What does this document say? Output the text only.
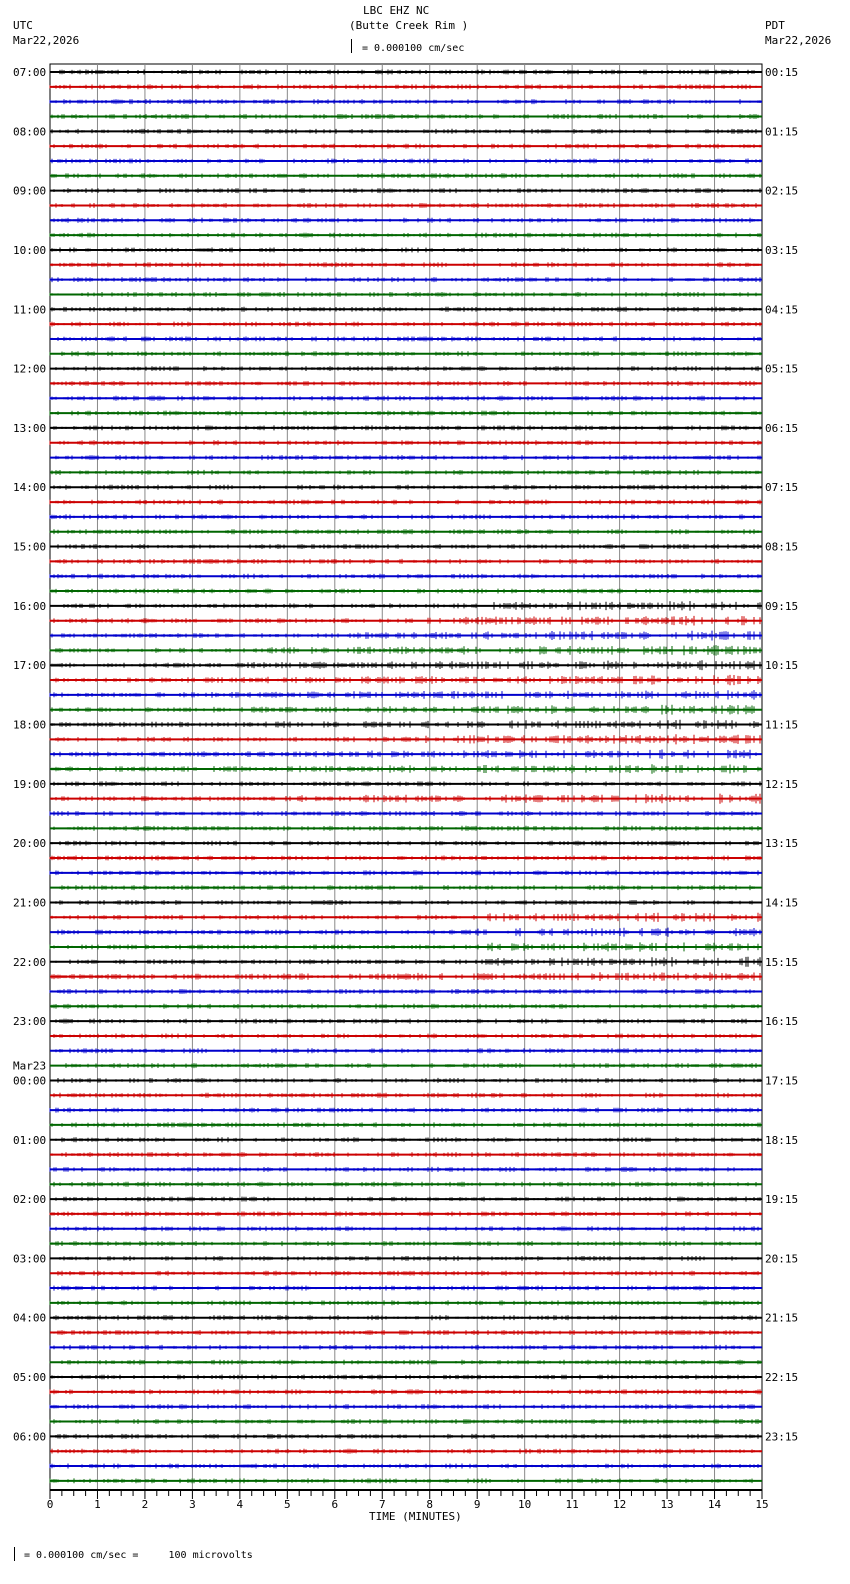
LBC EHZ NC
(Butte Creek Rim )
UTC
Mar22,2026
PDT
Mar22,2026
= 0.000100 cm/sec
= 0.000100 cm/sec =     100 microvolts
TIME (MINUTES)
07:00	00:15
08:00	01:15
09:00	02:15
10:00	03:15
11:00	04:15
12:00	05:15
13:00	06:15
14:00	07:15
15:00	08:15
16:00	09:15
17:00	10:15
18:00	11:15
19:00	12:15
20:00	13:15
21:00	14:15
22:00	15:15
23:00	16:15
00:00	17:15
Mar23
01:00	18:15
02:00	19:15
03:00	20:15
04:00	21:15
05:00	22:15
06:00	23:15
0	1	2	3	4	5	6	7	8	9	10	11	12	13	14	15
